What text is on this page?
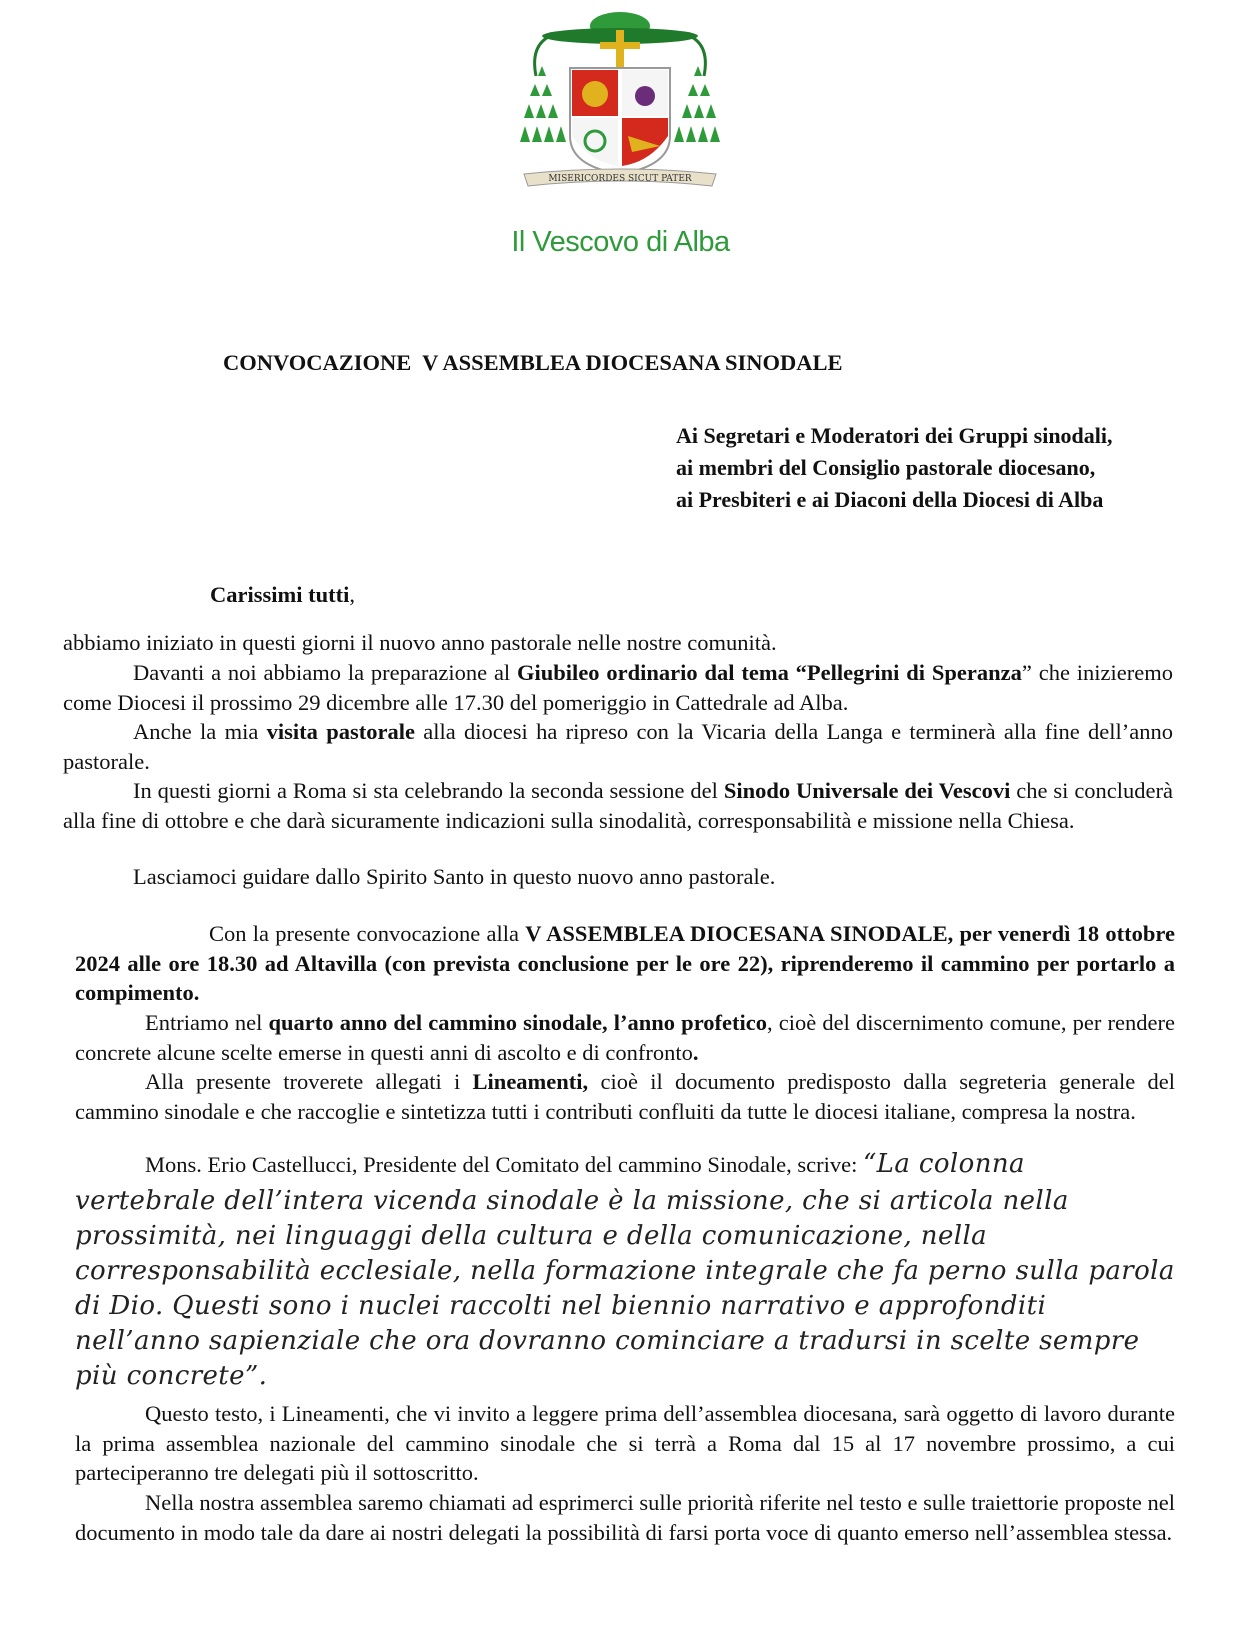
MISERICORDES SICUT PATER
Il Vescovo di Alba
CONVOCAZIONE  V ASSEMBLEA DIOCESANA SINODALE
Ai Segretari e Moderatori dei Gruppi sinodali,
ai membri del Consiglio pastorale diocesano,
ai Presbiteri e ai Diaconi della Diocesi di Alba
Carissimi tutti,
abbiamo iniziato in questi giorni il nuovo anno pastorale nelle nostre comunità.
Davanti a noi abbiamo la preparazione al Giubileo ordinario dal tema “Pellegrini di Speranza” che inizieremo come Diocesi il prossimo 29 dicembre alle 17.30 del pomeriggio in Cattedrale ad Alba.
Anche la mia visita pastorale alla diocesi ha ripreso con la Vicaria della Langa e terminerà alla fine dell’anno pastorale.
In questi giorni a Roma si sta celebrando la seconda sessione del Sinodo Universale dei Vescovi che si concluderà alla fine di ottobre e che darà sicuramente indicazioni sulla sinodalità, corresponsabilità e missione nella Chiesa.
Lasciamoci guidare dallo Spirito Santo in questo nuovo anno pastorale.
Con la presente convocazione alla V ASSEMBLEA DIOCESANA SINODALE, per venerdì 18 ottobre 2024 alle ore 18.30 ad Altavilla (con prevista conclusione per le ore 22), riprenderemo il cammino per portarlo a compimento.
Entriamo nel quarto anno del cammino sinodale, l’anno profetico, cioè del discernimento comune, per rendere concrete alcune scelte emerse in questi anni di ascolto e di confronto.
Alla presente troverete allegati i Lineamenti, cioè il documento predisposto dalla segreteria generale del cammino sinodale e che raccoglie e sintetizza tutti i contributi confluiti da tutte le diocesi italiane, compresa la nostra.
Mons. Erio Castellucci, Presidente del Comitato del cammino Sinodale, scrive: “La colonna
vertebrale dell’intera vicenda sinodale è la missione, che si articola nella
prossimità, nei linguaggi della cultura e della comunicazione, nella
corresponsabilità ecclesiale, nella formazione integrale che fa perno sulla parola
di Dio. Questi sono i nuclei raccolti nel biennio narrativo e approfonditi
nell’anno sapienziale che ora dovranno cominciare a tradursi in scelte sempre
più concrete”.
Questo testo, i Lineamenti, che vi invito a leggere prima dell’assemblea diocesana, sarà oggetto di lavoro durante la prima assemblea nazionale del cammino sinodale che si terrà a Roma dal 15 al 17 novembre prossimo, a cui parteciperanno tre delegati più il sottoscritto.
Nella nostra assemblea saremo chiamati ad esprimerci sulle priorità riferite nel testo e sulle traiettorie proposte nel documento in modo tale da dare ai nostri delegati la possibilità di farsi porta voce di quanto emerso nell’assemblea stessa.
